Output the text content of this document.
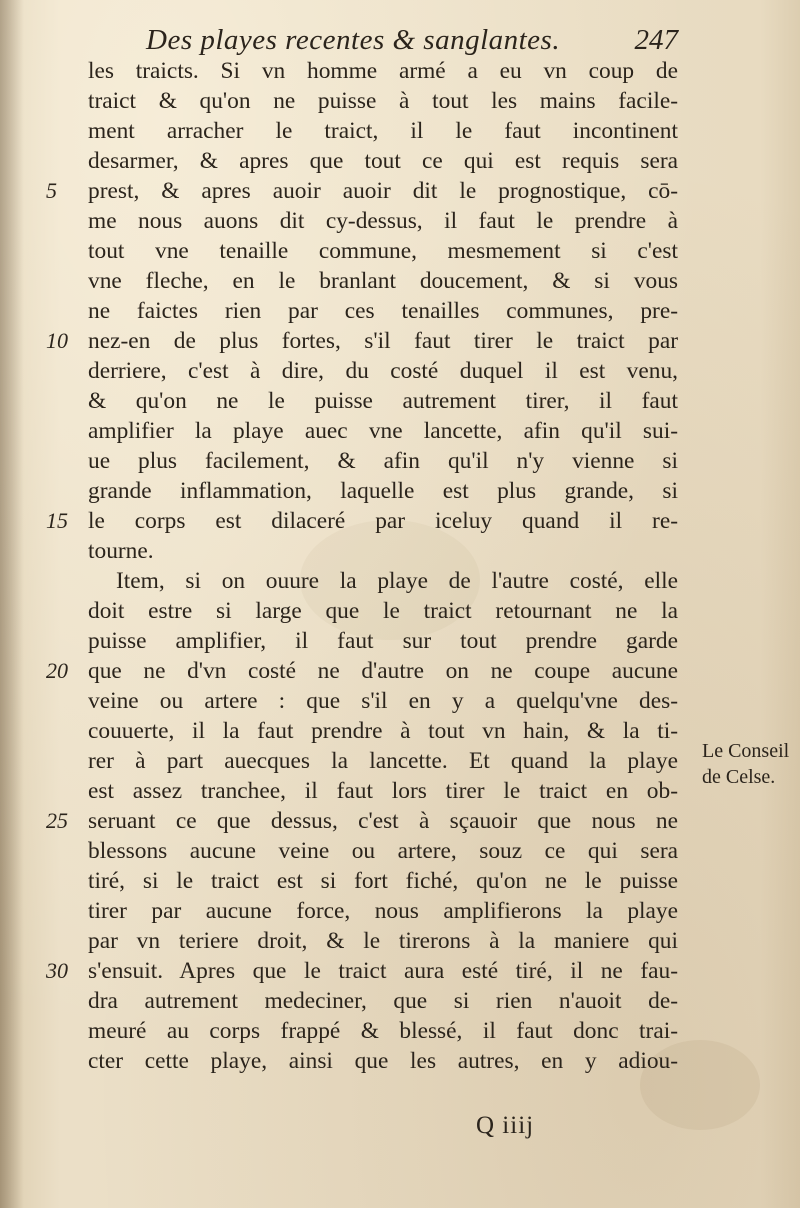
Des playes recentes & sanglantes.	247
les traicts. Si vn homme armé a eu vn coup de
traict & qu'on ne puisse à tout les mains facile-
ment arracher le traict, il le faut incontinent
desarmer, & apres que tout ce qui est requis sera
prest, & apres auoir auoir dit le prognostique, cō-
me nous auons dit cy-dessus, il faut le prendre à
tout vne tenaille commune, mesmement si c'est
vne fleche, en le branlant doucement, & si vous
ne faictes rien par ces tenailles communes, pre-
nez-en de plus fortes, s'il faut tirer le traict par
derriere, c'est à dire, du costé duquel il est venu,
& qu'on ne le puisse autrement tirer, il faut
amplifier la playe auec vne lancette, afin qu'il sui-
ue plus facilement, & afin qu'il n'y vienne si
grande inflammation, laquelle est plus grande, si
le corps est dilaceré par iceluy quand il re-
tourne.
Item, si on ouure la playe de l'autre costé, elle
doit estre si large que le traict retournant ne la
puisse amplifier, il faut sur tout prendre garde
que ne d'vn costé ne d'autre on ne coupe aucune
veine ou artere : que s'il en y a quelqu'vne des-
couuerte, il la faut prendre à tout vn hain, & la ti-
rer à part auecques la lancette. Et quand la playe
est assez tranchee, il faut lors tirer le traict en ob-
seruant ce que dessus, c'est à sçauoir que nous ne
blessons aucune veine ou artere, souz ce qui sera
tiré, si le traict est si fort fiché, qu'on ne le puisse
tirer par aucune force, nous amplifierons la playe
par vn teriere droit, & le tirerons à la maniere qui
s'ensuit. Apres que le traict aura esté tiré, il ne fau-
dra autrement medeciner, que si rien n'auoit de-
meuré au corps frappé & blessé, il faut donc trai-
cter cette playe, ainsi que les autres, en y adiou-
5
10
15
20
25
30
Le Conseil
de Celse.
Q iiij
